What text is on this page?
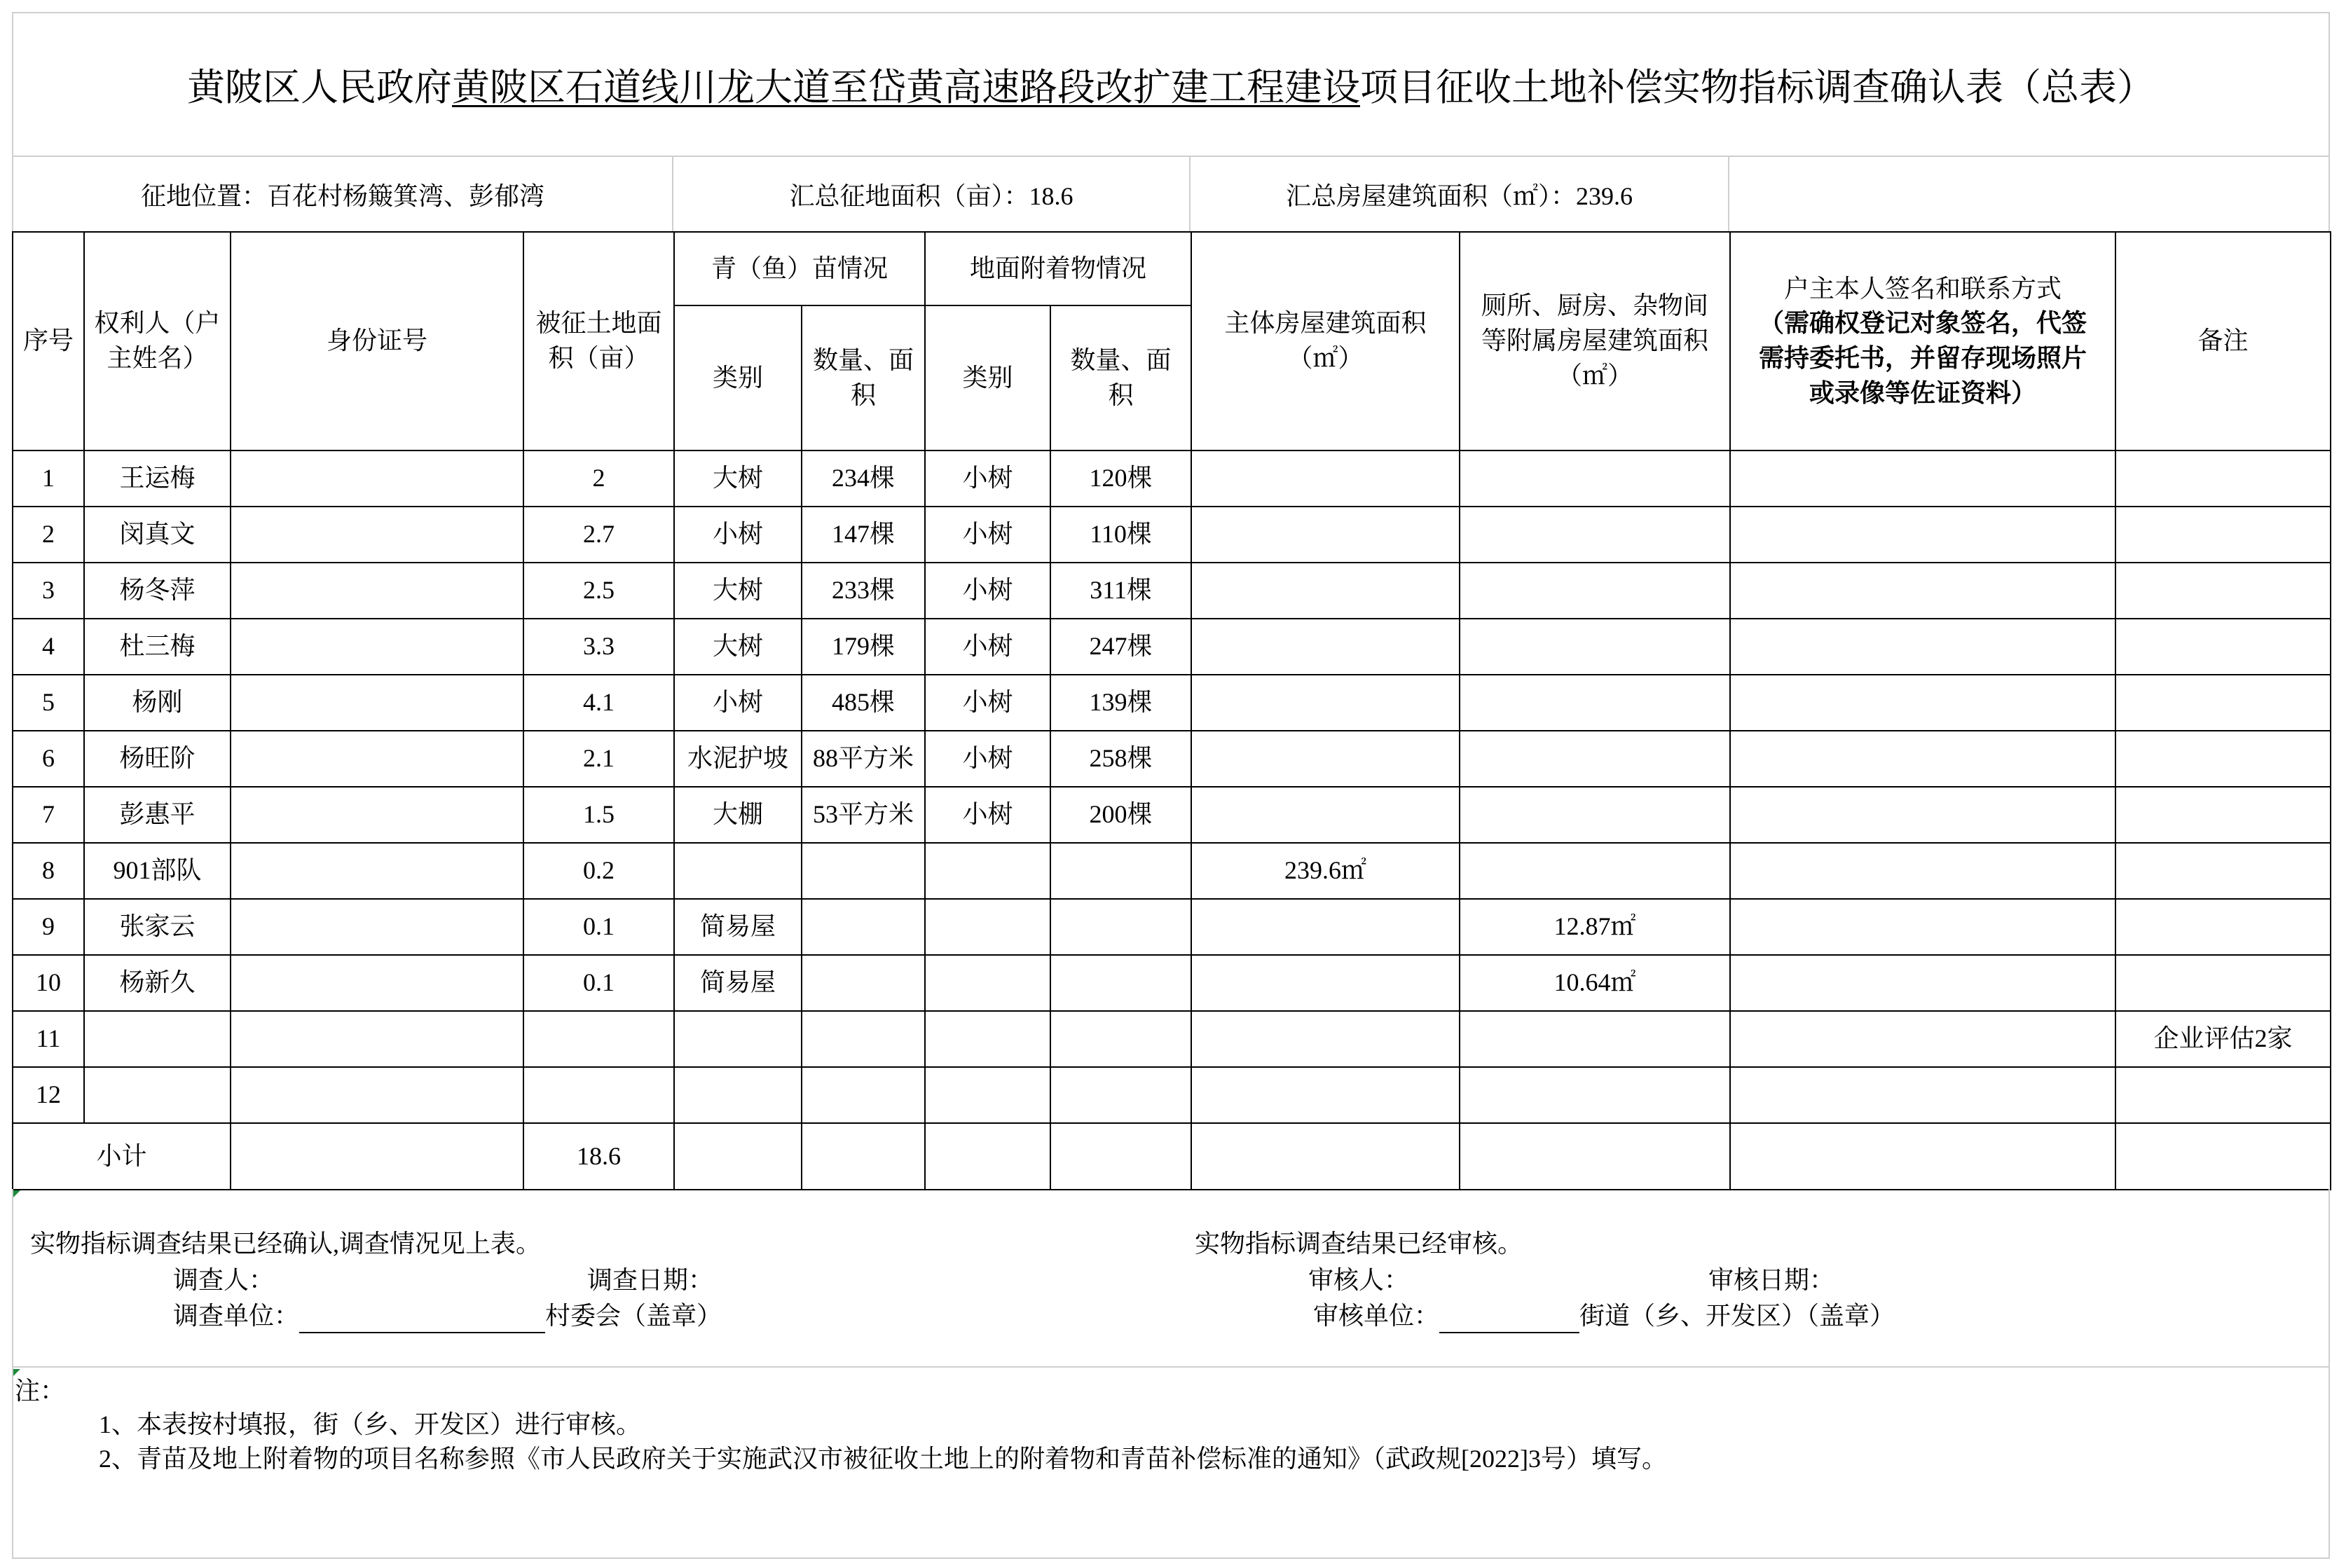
黄陂区人民政府 黄陂区石道线川龙大道至岱黄高速路段改扩建工程建设 项目征收土地补偿实物指标调查确认表（总表）
征地位置：百花村杨簸箕湾、彭郁湾	汇总征地面积（亩）：18.6	汇总房屋建筑面积（㎡）：239.6
序号	权利人（户主姓名）	身份证号	被征土地面积（亩）	青（鱼）苗情况		地面附着物情况		主体房屋建筑面积（㎡）	厕所、厨房、杂物间等附属房屋建筑面积（㎡）	户主本人签名和联系方式
（需确权登记对象签名，代签需持委托书，并留存现场照片或录像等佐证资料）	备注
				类别	数量、面积	类别	数量、面积				

1	王运梅		2	大树	234棵	小树	120棵				
2	闵真文		2.7	小树	147棵	小树	110棵				
3	杨冬萍		2.5	大树	233棵	小树	311棵				
4	杜三梅		3.3	大树	179棵	小树	247棵				
5	杨刚		4.1	小树	485棵	小树	139棵				
6	杨旺阶		2.1	水泥护坡	88平方米	小树	258棵				
7	彭惠平		1.5	大棚	53平方米	小树	200棵				
8	901部队		0.2					239.6㎡			
9	张家云		0.1	简易屋					12.87㎡		
10	杨新久		0.1	简易屋					10.64㎡		
11											企业评估2家
12											
小计			18.6								
实物指标调查结果已经确认,调查情况见上表。
调查人：	调查日期：
调查单位：	村委会（盖章）
实物指标调查结果已经审核。
审核人：	审核日期：
审核单位：	街道（乡、开发区）（盖章）
注：
1、本表按村填报，街（乡、开发区）进行审核。
2、青苗及地上附着物的项目名称参照《市人民政府关于实施武汉市被征收土地上的附着物和青苗补偿标准的通知》（武政规[2022]3号）填写。
